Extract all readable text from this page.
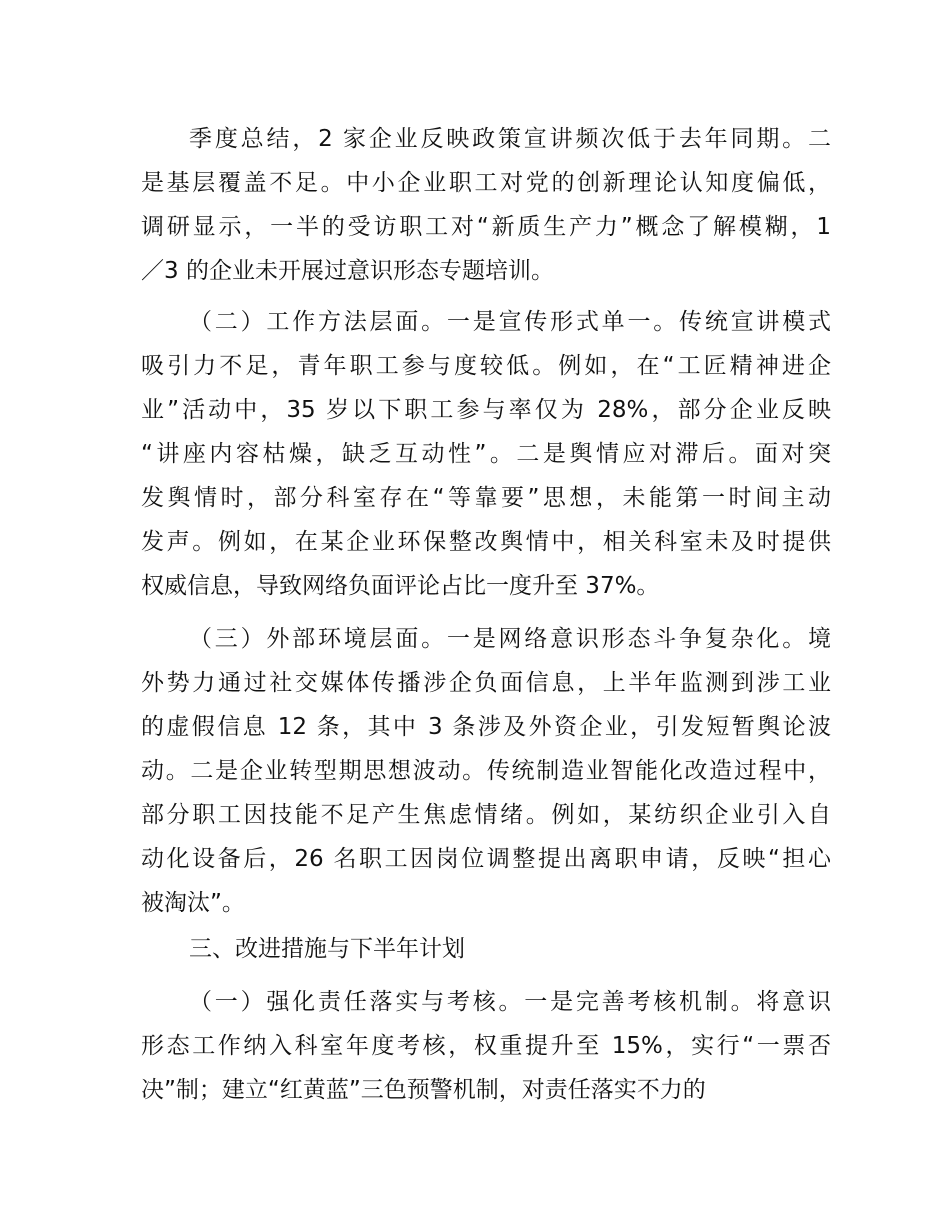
季度总结，2 家企业反映政策宣讲频次低于去年同期。二
是基层覆盖不足。中小企业职工对党的创新理论认知度偏低，
调研显示，一半的受访职工对“新质生产力”概念了解模糊，1
／3 的企业未开展过意识形态专题培训。
（二）工作方法层面。一是宣传形式单一。传统宣讲模式
吸引力不足，青年职工参与度较低。例如，在“工匠精神进企
业”活动中，35 岁以下职工参与率仅为 28%，部分企业反映
“讲座内容枯燥，缺乏互动性”。二是舆情应对滞后。面对突
发舆情时，部分科室存在“等靠要”思想，未能第一时间主动
发声。例如，在某企业环保整改舆情中，相关科室未及时提供
权威信息，导致网络负面评论占比一度升至 37%。
（三）外部环境层面。一是网络意识形态斗争复杂化。境
外势力通过社交媒体传播涉企负面信息，上半年监测到涉工业
的虚假信息 12 条，其中 3 条涉及外资企业，引发短暂舆论波
动。二是企业转型期思想波动。传统制造业智能化改造过程中，
部分职工因技能不足产生焦虑情绪。例如，某纺织企业引入自
动化设备后，26 名职工因岗位调整提出离职申请，反映“担心
被淘汰”。
三、改进措施与下半年计划
（一）强化责任落实与考核。一是完善考核机制。将意识
形态工作纳入科室年度考核，权重提升至 15%，实行“一票否
决”制；建立“红黄蓝”三色预警机制，对责任落实不力的
